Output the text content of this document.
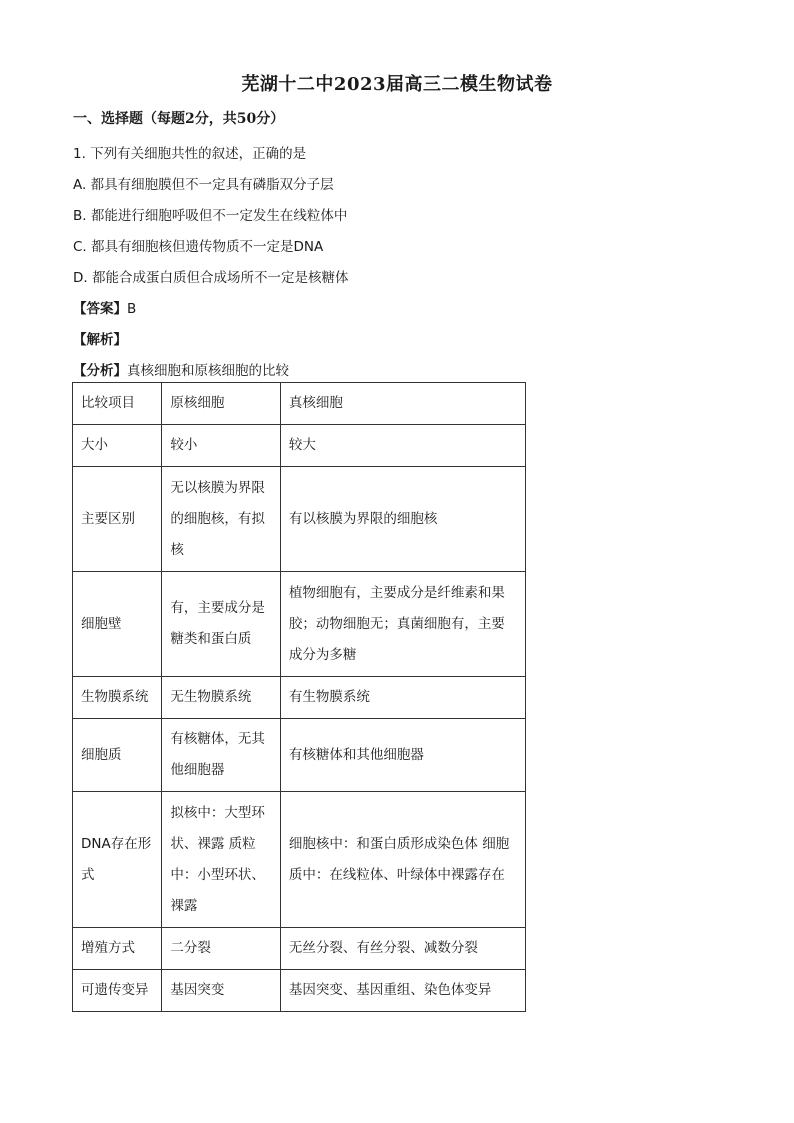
芜湖十二中2023届高三二模生物试卷
一、选择题（每题2分，共50分）
1. 下列有关细胞共性的叙述，正确的是
A. 都具有细胞膜但不一定具有磷脂双分子层
B. 都能进行细胞呼吸但不一定发生在线粒体中
C. 都具有细胞核但遗传物质不一定是DNA
D. 都能合成蛋白质但合成场所不一定是核糖体
【答案】B
【解析】
【分析】真核细胞和原核细胞的比较
比较项目	原核细胞	真核细胞
大小	较小	较大
主要区别	无以核膜为界限的细胞核，有拟核	有以核膜为界限的细胞核
细胞壁	有，主要成分是糖类和蛋白质	植物细胞有，主要成分是纤维素和果胶；动物细胞无；真菌细胞有，主要成分为多糖
生物膜系统	无生物膜系统	有生物膜系统
细胞质	有核糖体，无其他细胞器	有核糖体和其他细胞器
DNA存在形式	拟核中：大型环状、裸露 质粒中：小型环状、裸露	细胞核中：和蛋白质形成染色体 细胞质中：在线粒体、叶绿体中裸露存在
增殖方式	二分裂	无丝分裂、有丝分裂、减数分裂
可遗传变异	基因突变	基因突变、基因重组、染色体变异
